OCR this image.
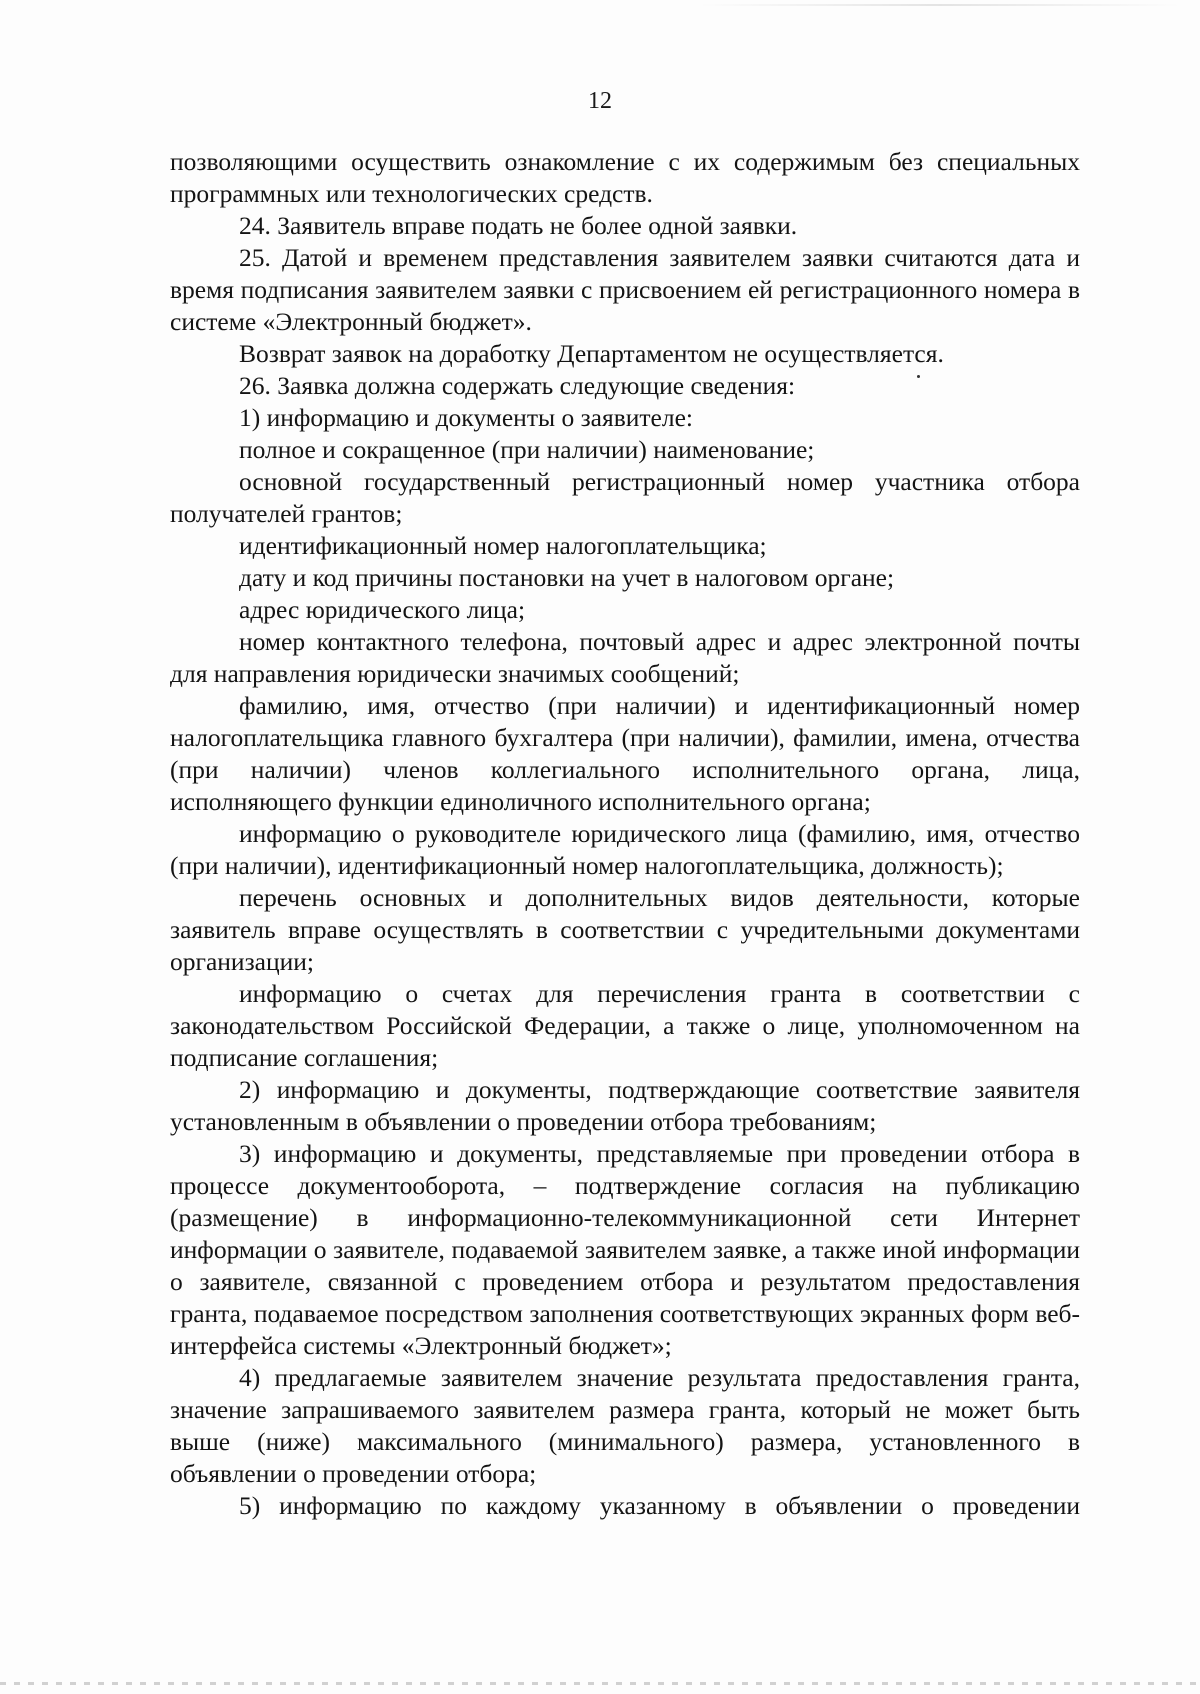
12

позволяющими осуществить ознакомление с их содержимым без специальных программных или технологических средств.

24. Заявитель вправе подать не более одной заявки.

25. Датой и временем представления заявителем заявки считаются дата и время подписания заявителем заявки с присвоением ей регистрационного номера в системе «Электронный бюджет».

Возврат заявок на доработку Департаментом не осуществляется.

26. Заявка должна содержать следующие сведения:

1) информацию и документы о заявителе:

полное и сокращенное (при наличии) наименование;

основной государственный регистрационный номер участника отбора получателей грантов;

идентификационный номер налогоплательщика;

дату и код причины постановки на учет в налоговом органе;

адрес юридического лица;

номер контактного телефона, почтовый адрес и адрес электронной почты для направления юридически значимых сообщений;

фамилию, имя, отчество (при наличии) и идентификационный номер налогоплательщика главного бухгалтера (при наличии), фамилии, имена, отчества (при наличии) членов коллегиального исполнительного органа, лица, исполняющего функции единоличного исполнительного органа;

информацию о руководителе юридического лица (фамилию, имя, отчество (при наличии), идентификационный номер налогоплательщика, должность);

перечень основных и дополнительных видов деятельности, которые заявитель вправе осуществлять в соответствии с учредительными документами организации;

информацию о счетах для перечисления гранта в соответствии с законодательством Российской Федерации, а также о лице, уполномоченном на подписание соглашения;

2) информацию и документы, подтверждающие соответствие заявителя установленным в объявлении о проведении отбора требованиям;

3) информацию и документы, представляемые при проведении отбора в процессе документооборота, – подтверждение согласия на публикацию (размещение) в информационно-телекоммуникационной сети Интернет информации о заявителе, подаваемой заявителем заявке, а также иной информации о заявителе, связанной с проведением отбора и результатом предоставления гранта, подаваемое посредством заполнения соответствующих экранных форм веб-интерфейса системы «Электронный бюджет»;

4) предлагаемые заявителем значение результата предоставления гранта, значение запрашиваемого заявителем размера гранта, который не может быть выше (ниже) максимального (минимального) размера, установленного в объявлении о проведении отбора;

5) информацию по каждому указанному в объявлении о проведении
